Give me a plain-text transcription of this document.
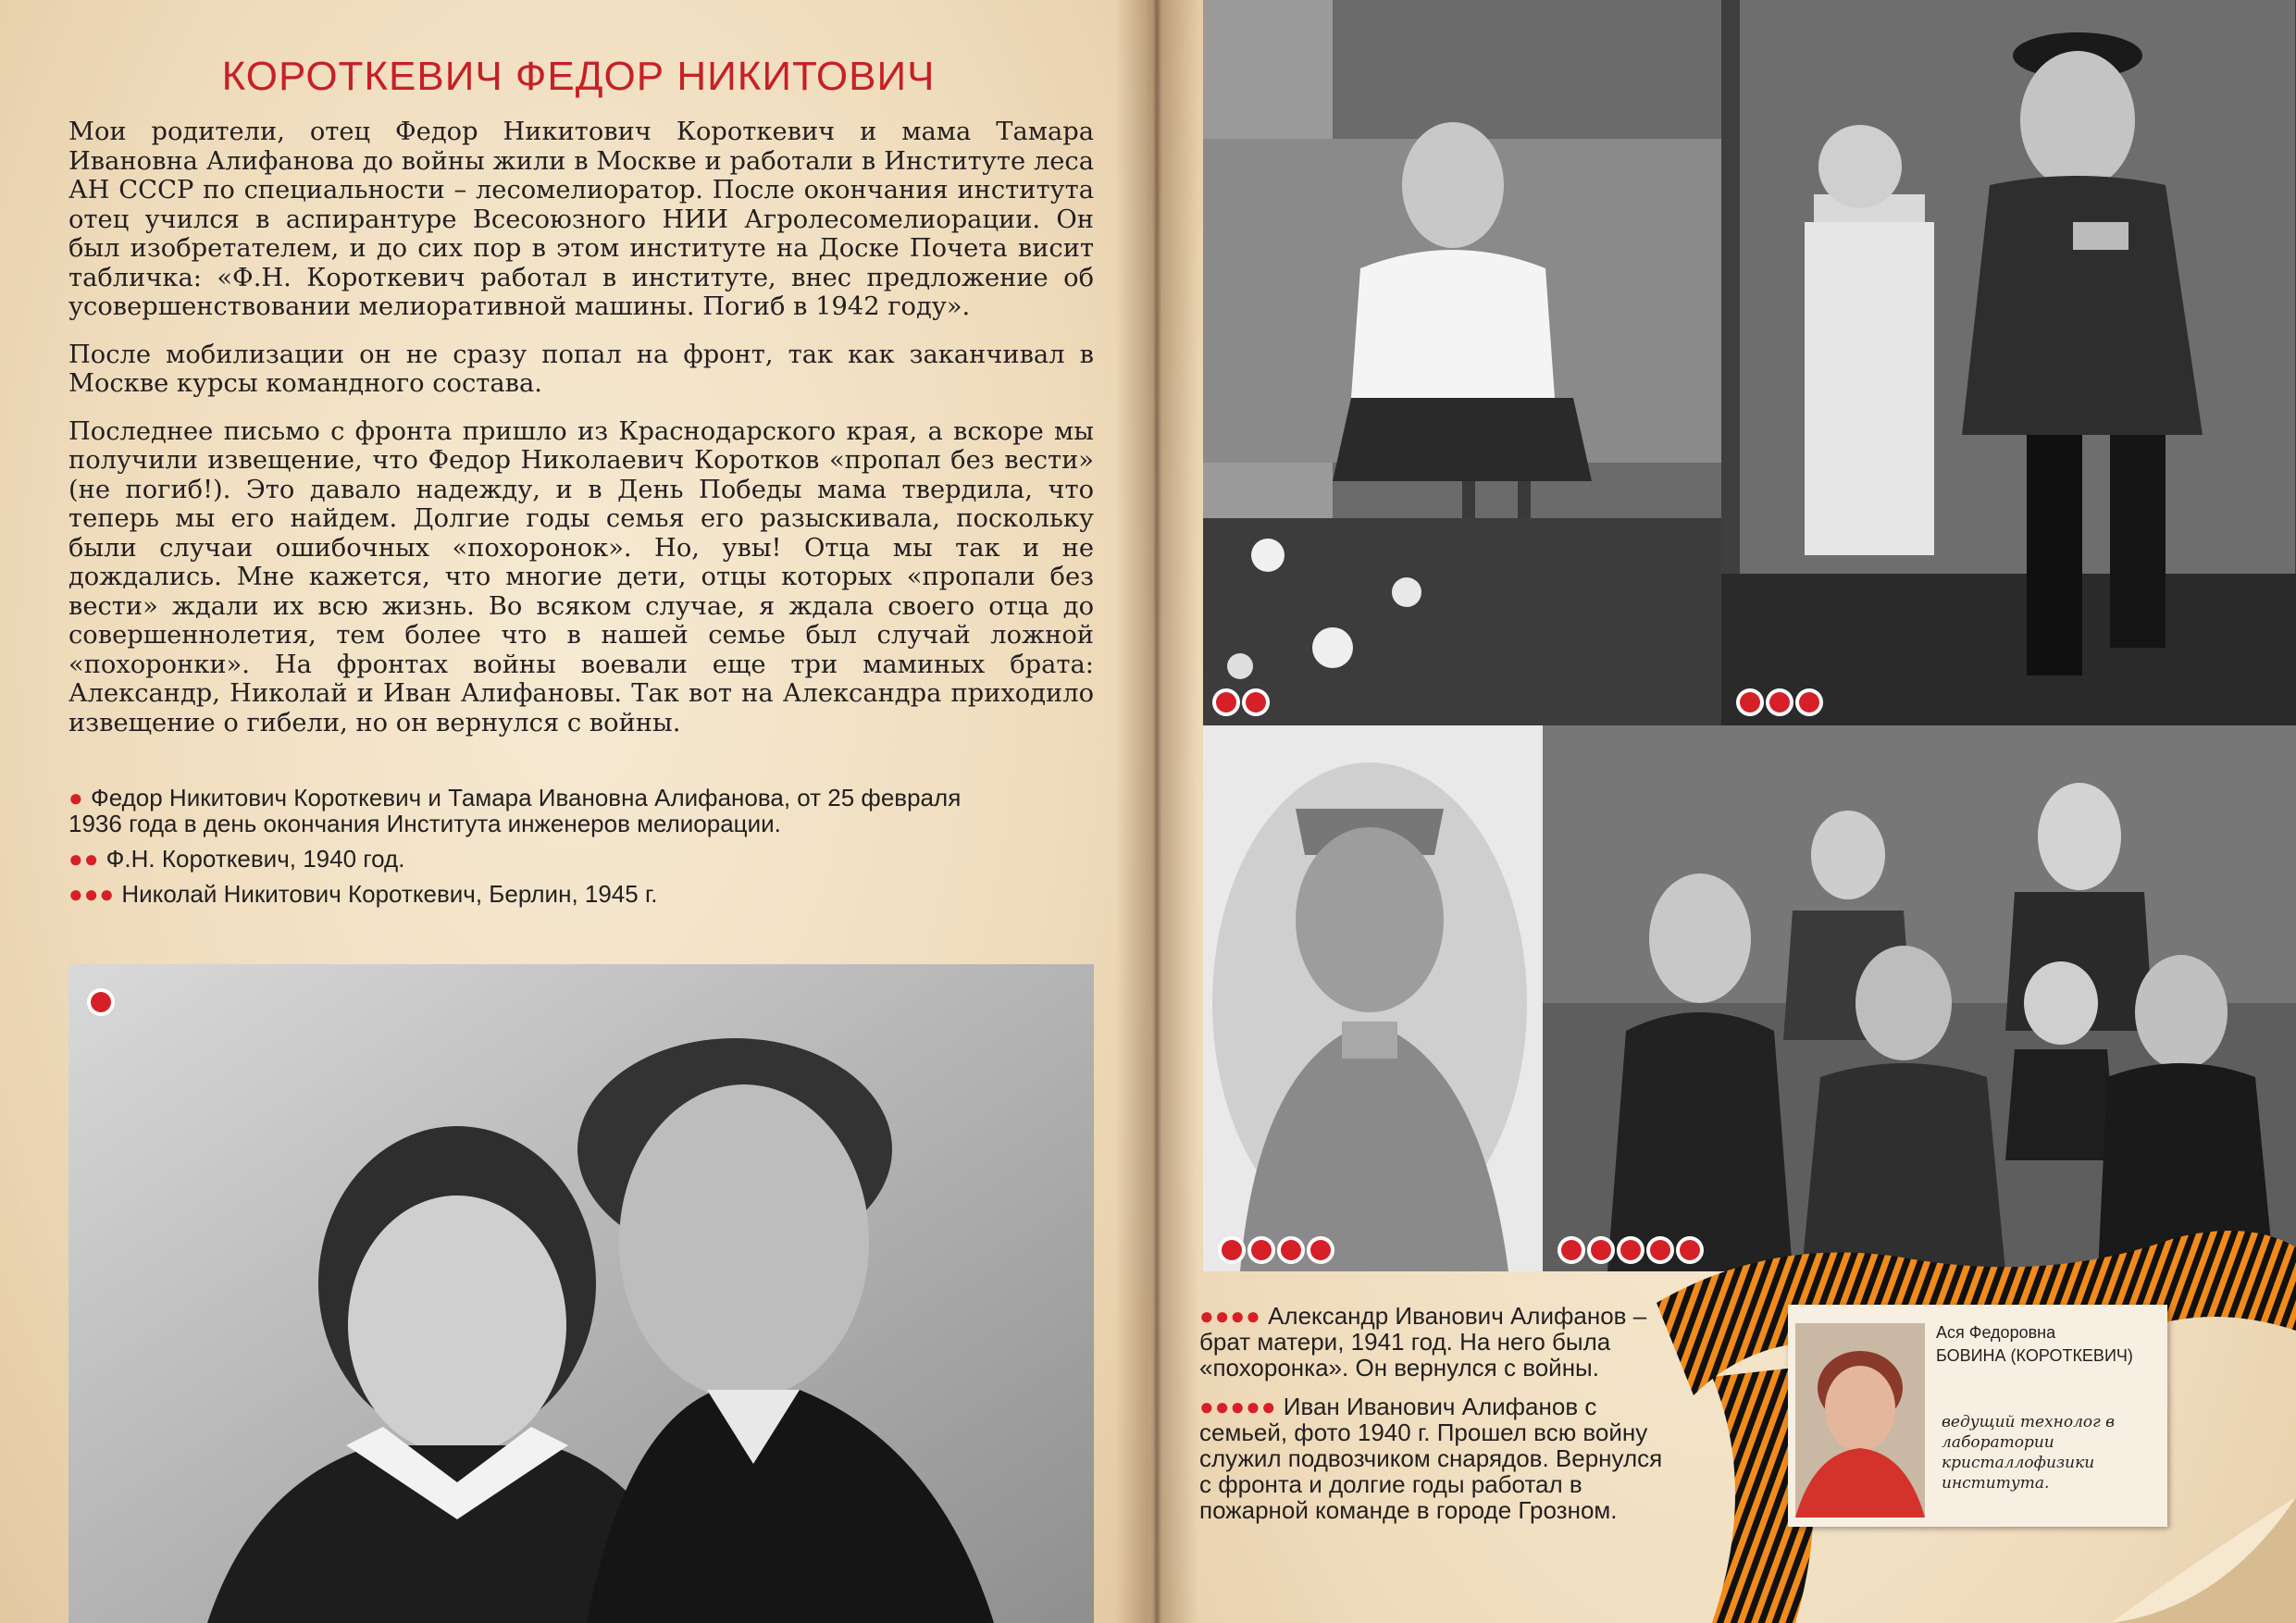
КОРОТКЕВИЧ ФЕДОР НИКИТОВИЧ

Мои родители, отец Федор Никитович Короткевич и мама Тамара Ивановна Алифанова до войны жили в Москве и работали в Институте леса АН СССР по специальности – лесомелиоратор. После окончания института отец учился в аспирантуре Всесоюзного НИИ Агролесомелиорации. Он был изобретателем, и до сих пор в этом институте на Доске Почета висит табличка: «Ф.Н. Короткевич работал в институте, внес предложение об усовершенствовании мелиоративной машины. Погиб в 1942 году».

После мобилизации он не сразу попал на фронт, так как заканчивал в Москве курсы командного состава.

Последнее письмо с фронта пришло из Краснодарского края, а вскоре мы получили извещение, что Федор Николаевич Коротков «пропал без вести» (не погиб!). Это давало надежду, и в День Победы мама твердила, что теперь мы его найдем. Долгие годы семья его разыскивала, поскольку были случаи ошибочных «похоронок». Но, увы! Отца мы так и не дождались. Мне кажется, что многие дети, отцы которых «пропали без вести» ждали их всю жизнь. Во всяком случае, я ждала своего отца до совершеннолетия, тем более что в нашей семье был случай ложной «похоронки». На фронтах войны воевали еще три маминых брата: Александр, Николай и Иван Алифановы. Так вот на Александра приходило извещение о гибели, но он вернулся с войны.

● Федор Никитович Короткевич и Тамара Ивановна Алифанова, от 25 февраля 1936 года в день окончания Института инженеров мелиорации.

●● Ф.Н. Короткевич, 1940 год.

●●● Николай Никитович Короткевич, Берлин, 1945 г.

●●●● Александр Иванович Алифанов – брат матери, 1941 год. На него была «похоронка». Он вернулся с войны.

●●●●● Иван Иванович Алифанов с семьей, фото 1940 г. Прошел всю войну служил подвозчиком снарядов. Вернулся с фронта и долгие годы работал в пожарной команде в городе Грозном.

Ася Федоровна

БОВИНА (КОРОТКЕВИЧ)

ведущий технолог в лаборатории кристаллофизики института.
